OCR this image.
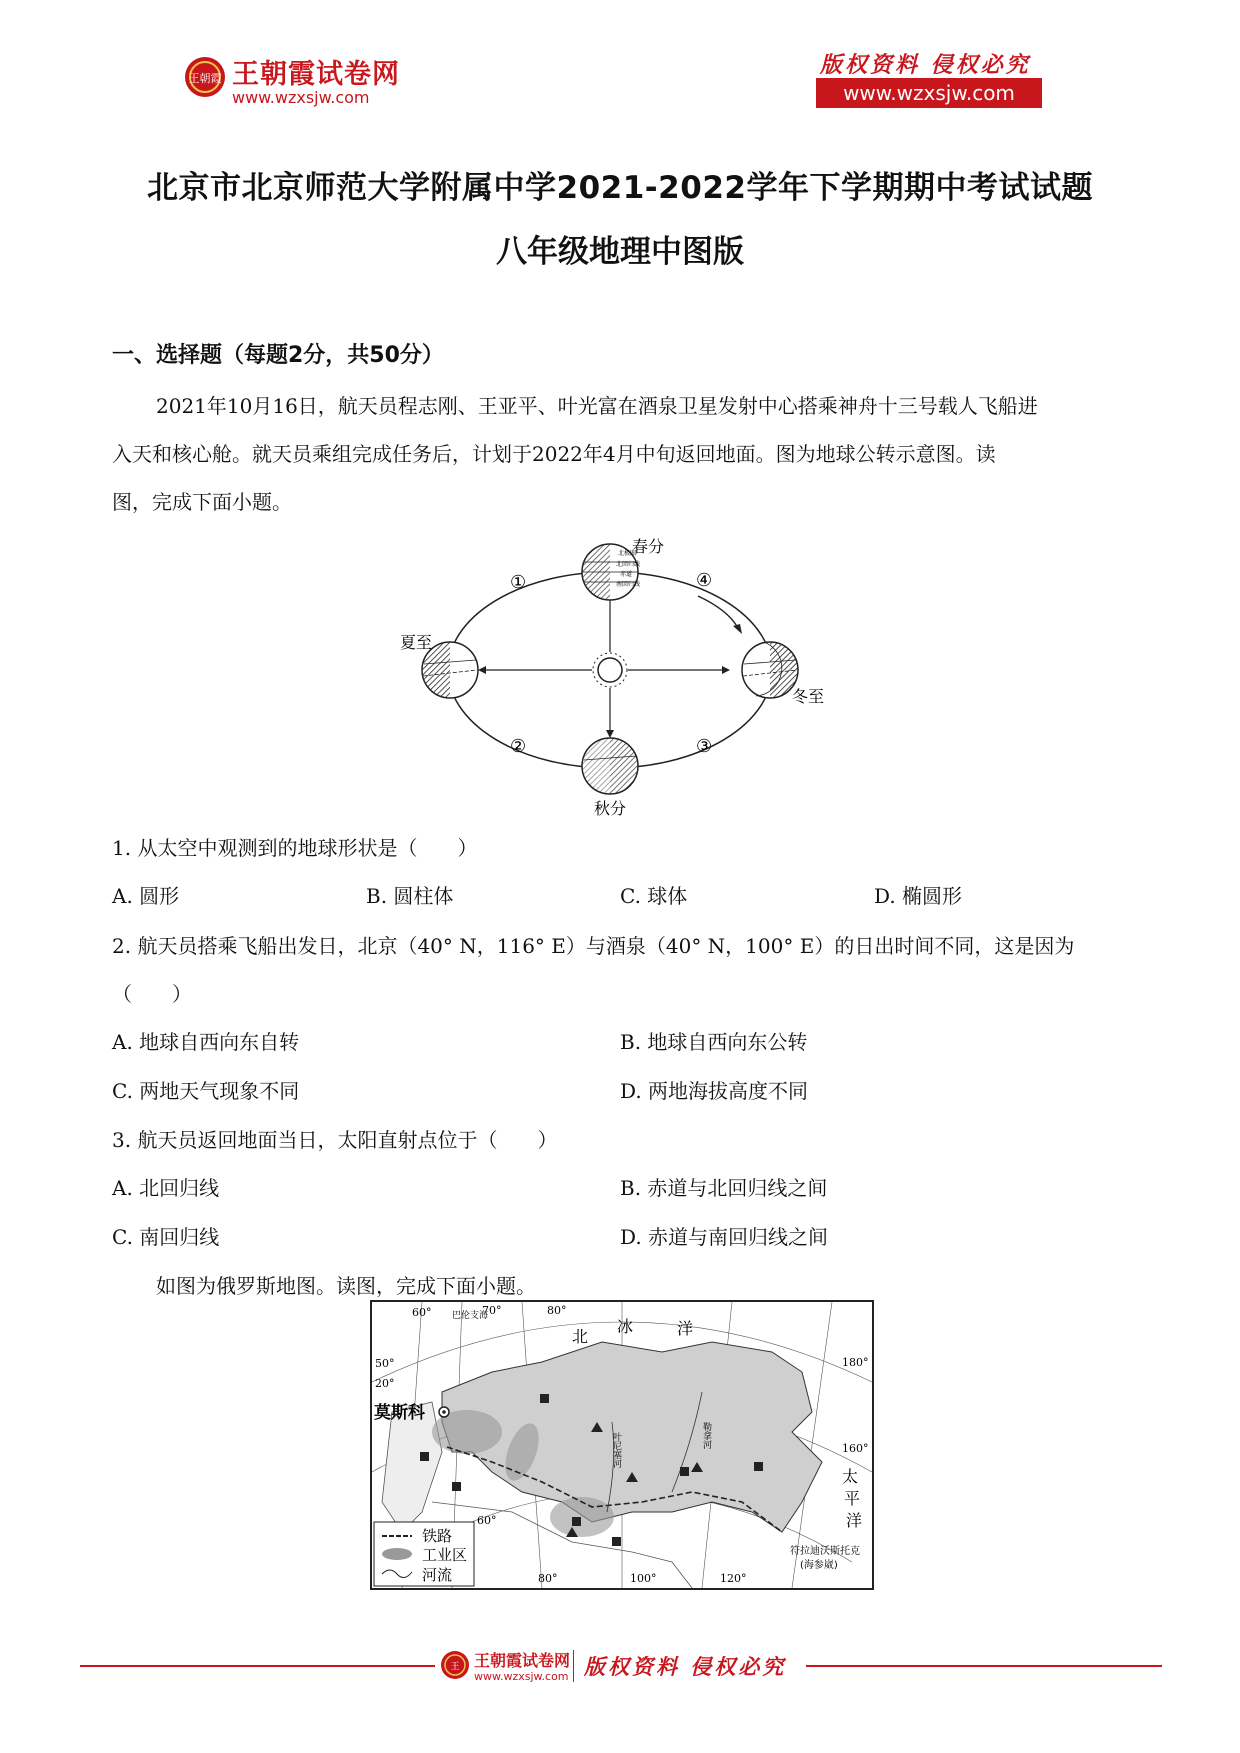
王朝霞 王朝霞试卷网
www.wzxsjw.com
版权资料 侵权必究
www.wzxsjw.com
北京市北京师范大学附属中学2021-2022学年下学期期中考试试题
八年级地理中图版
一、选择题（每题2分，共50分）
2021年10月16日，航天员程志刚、王亚平、叶光富在酒泉卫星发射中心搭乘神舟十三号载人飞船进
入天和核心舱。就天员乘组完成任务后，计划于2022年4月中旬返回地面。图为地球公转示意图。读
图，完成下面小题。
北极圈
北回归线
赤道
南回归线
春分
夏至
冬至
秋分
①
②	③
④
1. 从太空中观测到的地球形状是（　　）
A. 圆形	B. 圆柱体	C. 球体	D. 椭圆形
2. 航天员搭乘飞船出发日，北京（40° N，116° E）与酒泉（40° N，100° E）的日出时间不同，这是因为
（　　）
A. 地球自西向东自转	B. 地球自西向东公转
C. 两地天气现象不同	D. 两地海拔高度不同
3. 航天员返回地面当日，太阳直射点位于（　　）
A. 北回归线	B. 赤道与北回归线之间
C. 南回归线	D. 赤道与南回归线之间
如图为俄罗斯地图。读图，完成下面小题。
莫斯科
60°	70°	80°
50°
20°
60°
80°	100°	120°
180°
160°
巴伦支海
北
冰	洋
太
平
洋
叶尼塞河	勒拿河
符拉迪沃斯托克
(海参崴)
铁路
工业区
河流
王 王朝霞试卷网
www.wzxsjw.com 版权资料 侵权必究
